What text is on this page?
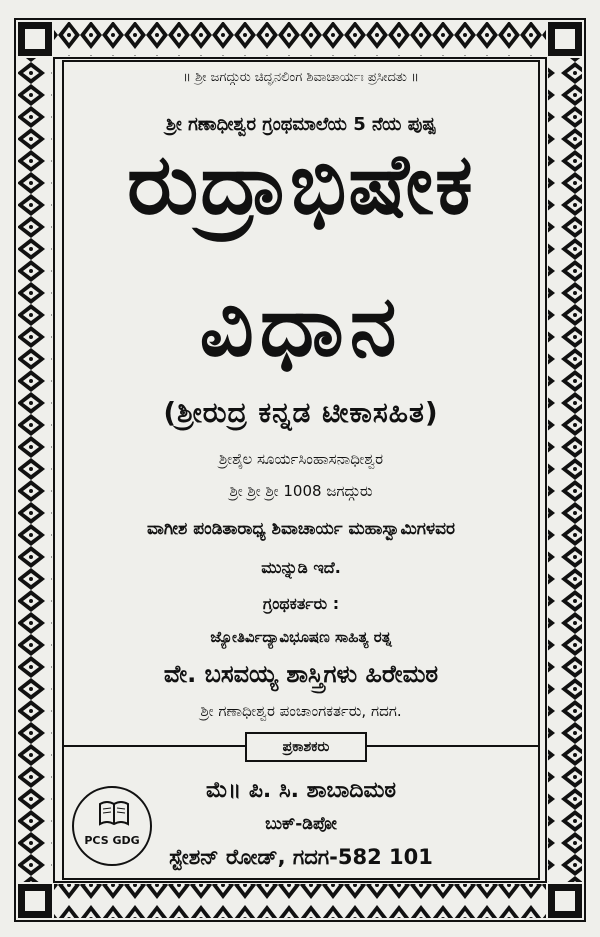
॥ ಶ್ರೀ ಜಗದ್ಗುರು ಚಿದ್ಘನಲಿಂಗ ಶಿವಾಚಾರ್ಯಃ ಪ್ರಸೀದತು ॥
ಶ್ರೀ ಗಣಾಧೀಶ್ವರ ಗ್ರಂಥಮಾಲೆಯ 5 ನೆಯ ಪುಷ್ಪ
ರುದ್ರಾಭಿಷೇಕ
ವಿಧಾನ
(ಶ್ರೀರುದ್ರ ಕನ್ನಡ ಟೀಕಾಸಹಿತ)
ಶ್ರೀಶೈಲ ಸೂರ್ಯಸಿಂಹಾಸನಾಧೀಶ್ವರ
ಶ್ರೀ ಶ್ರೀ ಶ್ರೀ 1008 ಜಗದ್ಗುರು
ವಾಗೀಶ ಪಂಡಿತಾರಾಧ್ಯ ಶಿವಾಚಾರ್ಯ ಮಹಾಸ್ವಾಮಿಗಳವರ
ಮುನ್ನುಡಿ ಇದೆ.
ಗ್ರಂಥಕರ್ತರು :
ಜ್ಯೋತಿರ್ವಿದ್ಯಾವಿಭೂಷಣ ಸಾಹಿತ್ಯ ರತ್ನ
ವೇ. ಬಸವಯ್ಯ ಶಾಸ್ತ್ರಿಗಳು ಹಿರೇಮಠ
ಶ್ರೀ ಗಣಾಧೀಶ್ವರ ಪಂಚಾಂಗಕರ್ತರು, ಗದಗ.
ಪ್ರಕಾಶಕರು
ಮೆ॥ ಪಿ. ಸಿ. ಶಾಬಾದಿಮಠ
ಬುಕ್‌-ಡಿಪೋ
ಸ್ಟೇಶನ್ ರೋಡ್, ಗದಗ-582 101
PCS GDG
